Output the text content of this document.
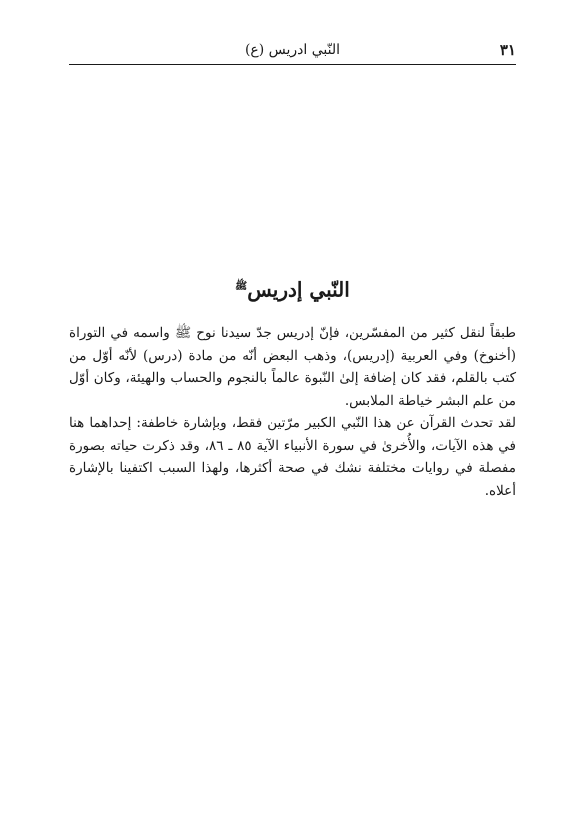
٣١
النّبي ادريس (ع)
النّبي إدريس$^ﷺ$

طبقاً لنقل كثير من المفسّرين، فإنّ إدريس جدّ سيدنا نوح ﷺ واسمه في التوراة (أخنوخ) وفي العربية (إدريس)، وذهب البعض أنّه من مادة (درس) لأنّه أوّل من كتب بالقلم، فقد كان إضافة إلىٰ النّبوة عالماً بالنجوم والحساب والهيئة، وكان أوّل من علم البشر خياطة الملابس.

لقد تحدث القرآن عن هذا النّبي الكبير مرّتين فقط، وبإشارة خاطفة: إحداهما هنا في هذه الآيات، والأُخرىٰ في سورة الأنبياء الآية ٨٥ ـ ٨٦، وقد ذكرت حياته بصورة مفصلة في روايات مختلفة نشك في صحة أكثرها، ولهذا السبب اكتفينا بالإشارة أعلاه.
